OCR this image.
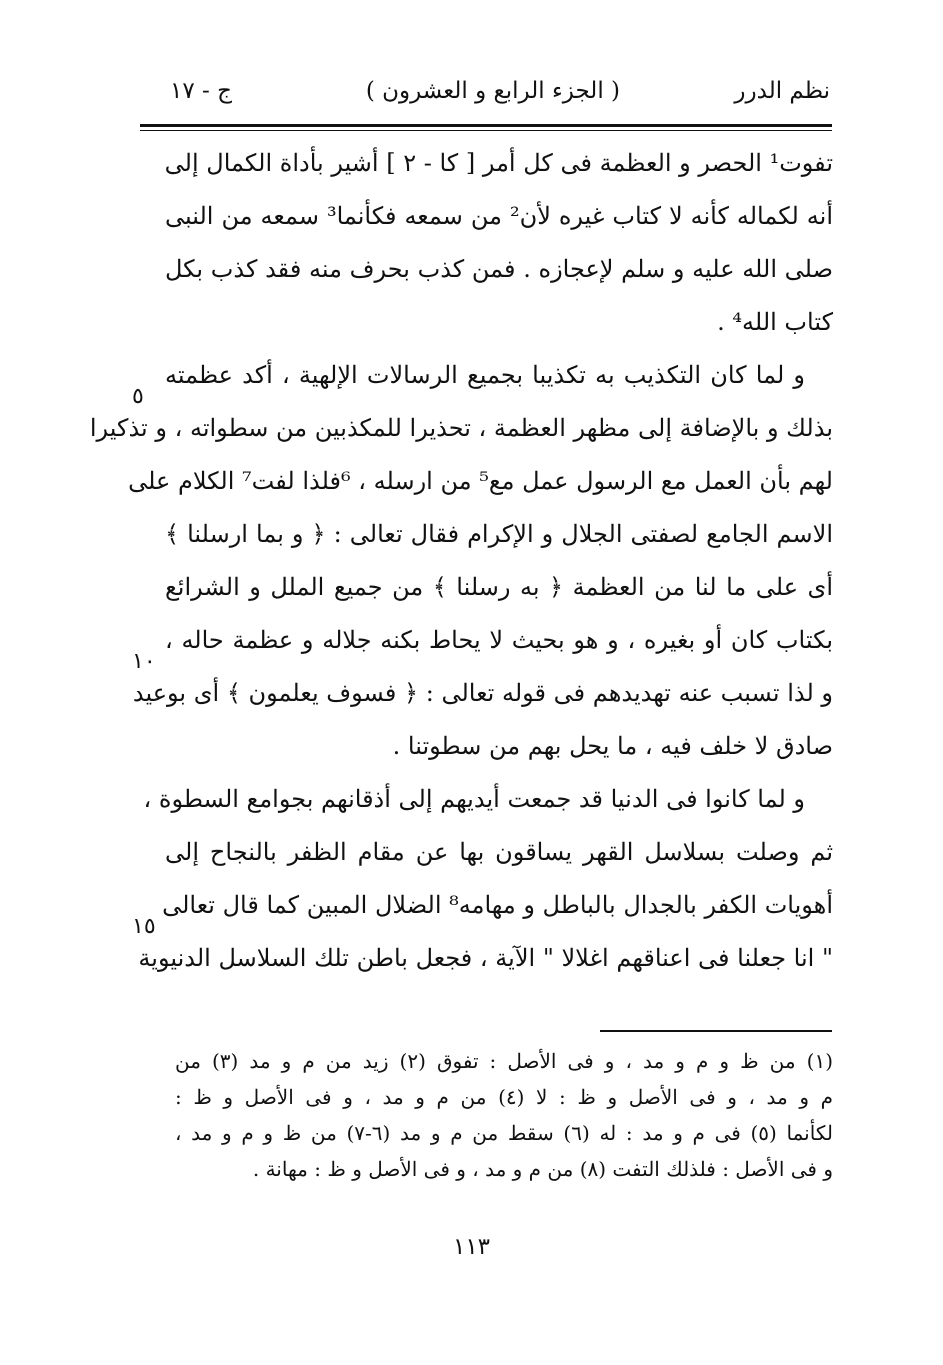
نظم الدرر
( الجزء الرابع و العشرون )
ج - ١٧
تفوت¹ الحصر و العظمة فى كل أمر [ كا - ٢ ] أشير بأداة الكمال إلى
أنه لكماله كأنه لا كتاب غيره لأن² من سمعه فكأنما³ سمعه من النبى
صلى الله عليه و سلم لإعجازه . فمن كذب بحرف منه فقد كذب بكل
كتاب الله⁴ .
و لما كان التكذيب به تكذيبا بجميع الرسالات الإلهية ، أكد عظمته
بذلك و بالإضافة إلى مظهر العظمة ، تحذيرا للمكذبين من سطواته ، و تذكيرا
لهم بأن العمل مع الرسول عمل مع⁵ من ارسله ، ⁶فلذا لفت⁷ الكلام على
الاسم الجامع لصفتى الجلال و الإكرام فقال تعالى : ﴿ و بما ارسلنا ﴾
أى على ما لنا من العظمة ﴿ به رسلنا ﴾ من جميع الملل و الشرائع
بكتاب كان أو بغيره ، و هو بحيث لا يحاط بكنه جلاله و عظمة حاله ،
و لذا تسبب عنه تهديدهم فى قوله تعالى : ﴿ فسوف يعلمون ﴾ أى بوعيد
صادق لا خلف فيه ، ما يحل بهم من سطوتنا .
و لما كانوا فى الدنيا قد جمعت أيديهم إلى أذقانهم بجوامع السطوة ،
ثم وصلت بسلاسل القهر يساقون بها عن مقام الظفر بالنجاح إلى
أهويات الكفر بالجدال بالباطل و مهامه⁸ الضلال المبين كما قال تعالى
" انا جعلنا فى اعناقهم اغلالا " الآية ، فجعل باطن تلك السلاسل الدنيوية
٥
١٠
١٥
(١) من ظ و م و مد ، و فى الأصل : تفوق (٢) زيد من م و مد (٣) من
م و مد ، و فى الأصل و ظ : لا (٤) من م و مد ، و فى الأصل و ظ :
لكأنما (٥) فى م و مد : له (٦) سقط من م و مد (٦-٧) من ظ و م و مد ،
و فى الأصل : فلذلك التفت (٨) من م و مد ، و فى الأصل و ظ : مهانة .
١١٣
